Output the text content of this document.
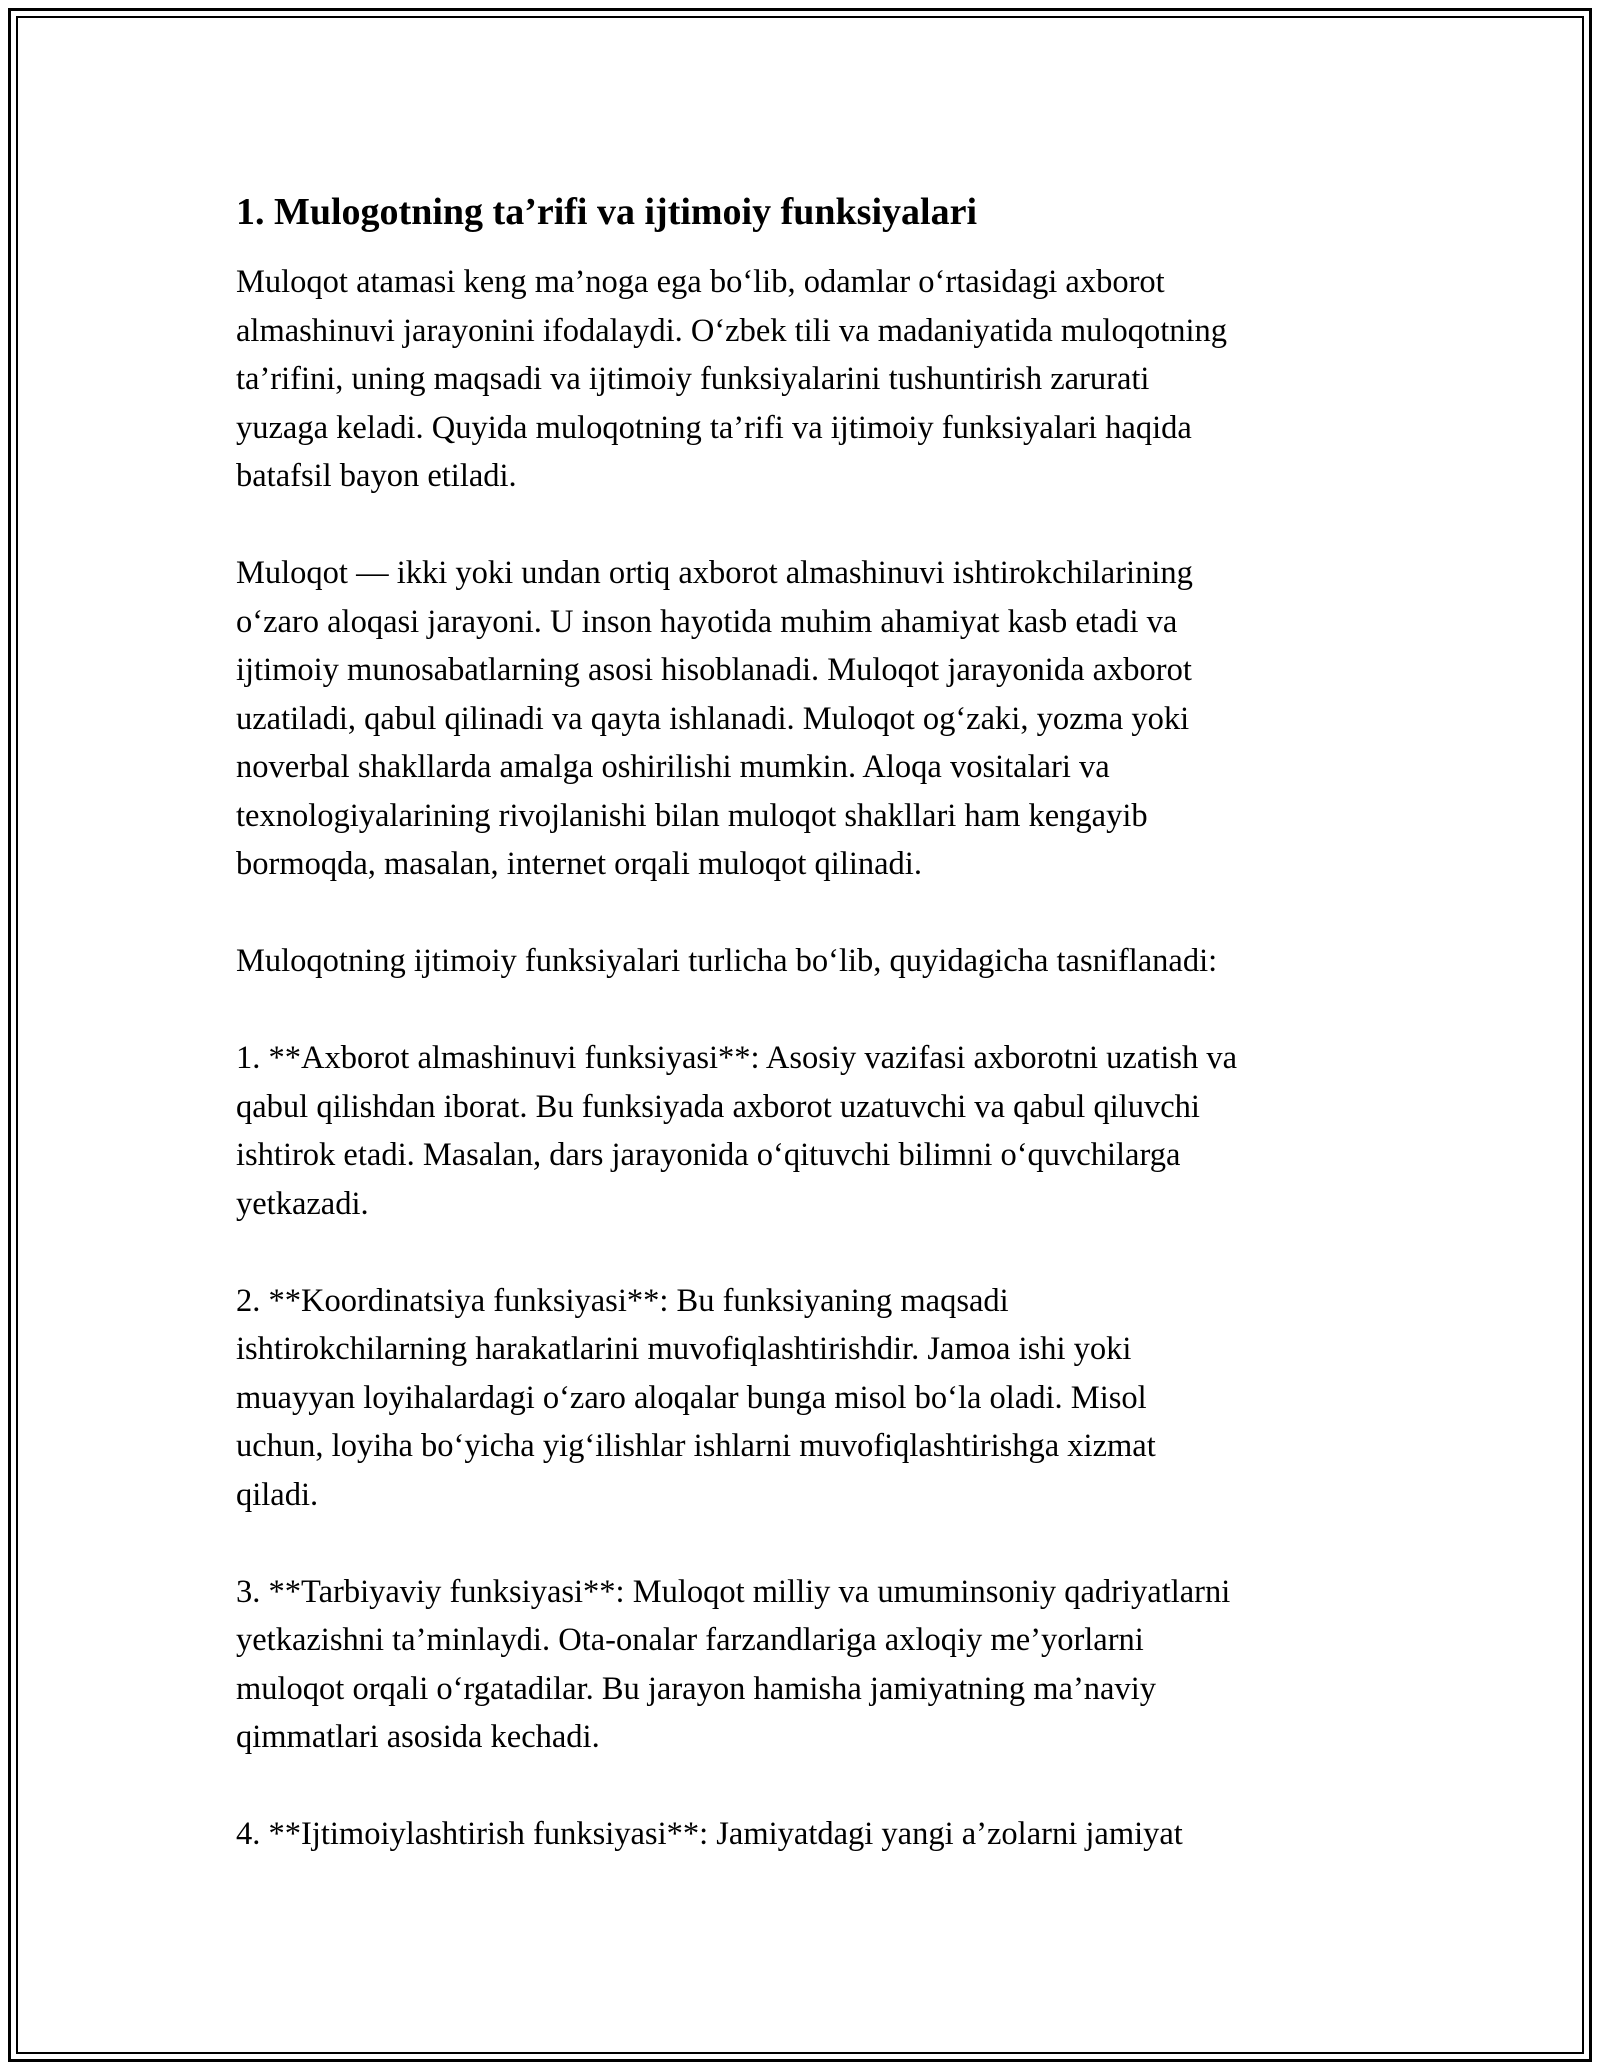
1. Mulogotning ta’rifi va ijtimoiy funksiyalari

Muloqot atamasi keng ma’noga ega bo‘lib, odamlar o‘rtasidagi axborot
almashinuvi jarayonini ifodalaydi. O‘zbek tili va madaniyatida muloqotning
ta’rifini, uning maqsadi va ijtimoiy funksiyalarini tushuntirish zarurati
yuzaga keladi. Quyida muloqotning ta’rifi va ijtimoiy funksiyalari haqida
batafsil bayon etiladi.

Muloqot — ikki yoki undan ortiq axborot almashinuvi ishtirokchilarining
o‘zaro aloqasi jarayoni. U inson hayotida muhim ahamiyat kasb etadi va
ijtimoiy munosabatlarning asosi hisoblanadi. Muloqot jarayonida axborot
uzatiladi, qabul qilinadi va qayta ishlanadi. Muloqot og‘zaki, yozma yoki
noverbal shakllarda amalga oshirilishi mumkin. Aloqa vositalari va
texnologiyalarining rivojlanishi bilan muloqot shakllari ham kengayib
bormoqda, masalan, internet orqali muloqot qilinadi.

Muloqotning ijtimoiy funksiyalari turlicha bo‘lib, quyidagicha tasniflanadi:

1. **Axborot almashinuvi funksiyasi**: Asosiy vazifasi axborotni uzatish va
qabul qilishdan iborat. Bu funksiyada axborot uzatuvchi va qabul qiluvchi
ishtirok etadi. Masalan, dars jarayonida o‘qituvchi bilimni o‘quvchilarga
yetkazadi.

2. **Koordinatsiya funksiyasi**: Bu funksiyaning maqsadi
ishtirokchilarning harakatlarini muvofiqlashtirishdir. Jamoa ishi yoki
muayyan loyihalardagi o‘zaro aloqalar bunga misol bo‘la oladi. Misol
uchun, loyiha bo‘yicha yig‘ilishlar ishlarni muvofiqlashtirishga xizmat
qiladi.

3. **Tarbiyaviy funksiyasi**: Muloqot milliy va umuminsoniy qadriyatlarni
yetkazishni ta’minlaydi. Ota-onalar farzandlariga axloqiy me’yorlarni
muloqot orqali o‘rgatadilar. Bu jarayon hamisha jamiyatning ma’naviy
qimmatlari asosida kechadi.

4. **Ijtimoiylashtirish funksiyasi**: Jamiyatdagi yangi a’zolarni jamiyat
